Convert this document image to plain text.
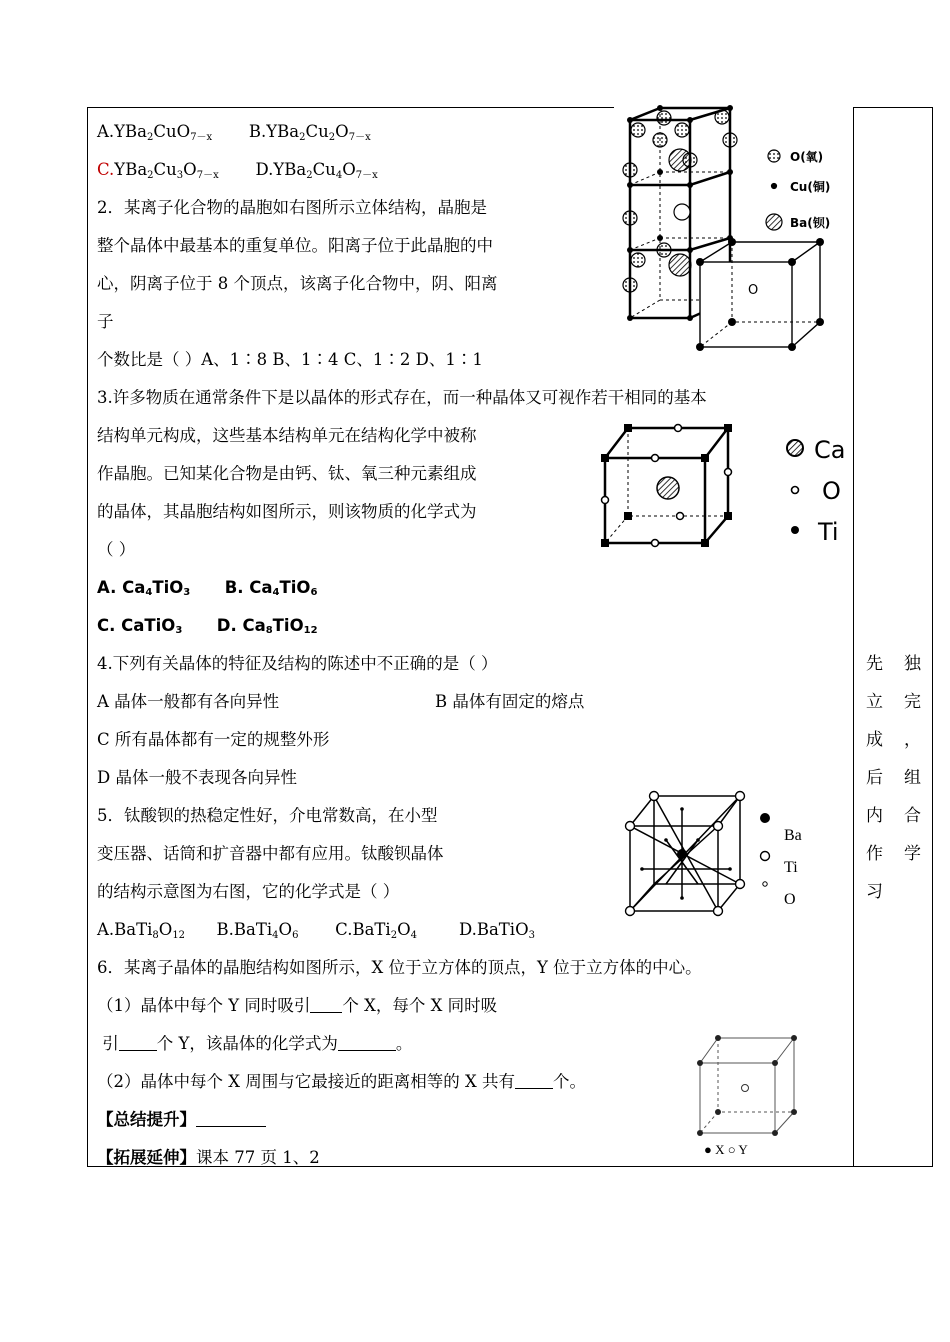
A.YBa$_2$CuO$_{7-x}$ $B.YBa_2Cu_2O_{7-x}$
$C.YBa_2Cu_3O_{7-x}$ $D.YBa_2Cu_4O_{7-x}$
2．某离子化合物的晶胞如右图所示立体结构，晶胞是
整个晶体中最基本的重复单位。阳离子位于此晶胞的中
心，阴离子位于 8 个顶点，该离子化合物中，阴、阳离
子
个数比是（ ）A、1∶8 B、1∶4 C、1∶2 D、1∶1
3.许多物质在通常条件下是以晶体的形式存在，而一种晶体又可视作若干相同的基本
结构单元构成，这些基本结构单元在结构化学中被称
作晶胞。已知某化合物是由钙、钛、氧三种元素组成
的晶体，其晶胞结构如图所示，则该物质的化学式为
（ ）
A. Ca4TiO3 B. Ca4TiO6
C. CaTiO3 D. Ca8TiO12
4.下列有关晶体的特征及结构的陈述中不正确的是（ ）
A 晶体一般都有各向异性	B 晶体有固定的熔点
C 所有晶体都有一定的规整外形
D 晶体一般不表现各向异性
5．钛酸钡的热稳定性好，介电常数高，在小型
变压器、话筒和扩音器中都有应用。钛酸钡晶体
的结构示意图为右图，它的化学式是（ ）
$A.BaTi_8O_{12}$ $B.BaTi_4O_6$ $C.BaTi_2O_4$	D.BaTiO$_3$
6．某离子晶体的晶胞结构如图所示，X 位于立方体的顶点，Y 位于立方体的中心。
（1）晶体中每个 Y 同时吸引 个 X，每个 X 同时吸
引 个 Y，该晶体的化学式为	。
（2）晶体中每个 X 周围与它最接近的距离相等的 X 共有 个。
【总结提升】
【拓展延伸】课本 77 页 1、2
先
立
成
后
内
作
习
独
完
，
组
合
学
O(氧)
Cu(铜)
Ba(钡)
O
Ca
O
Ti
Ba
Ti
O
● X ○ Y
